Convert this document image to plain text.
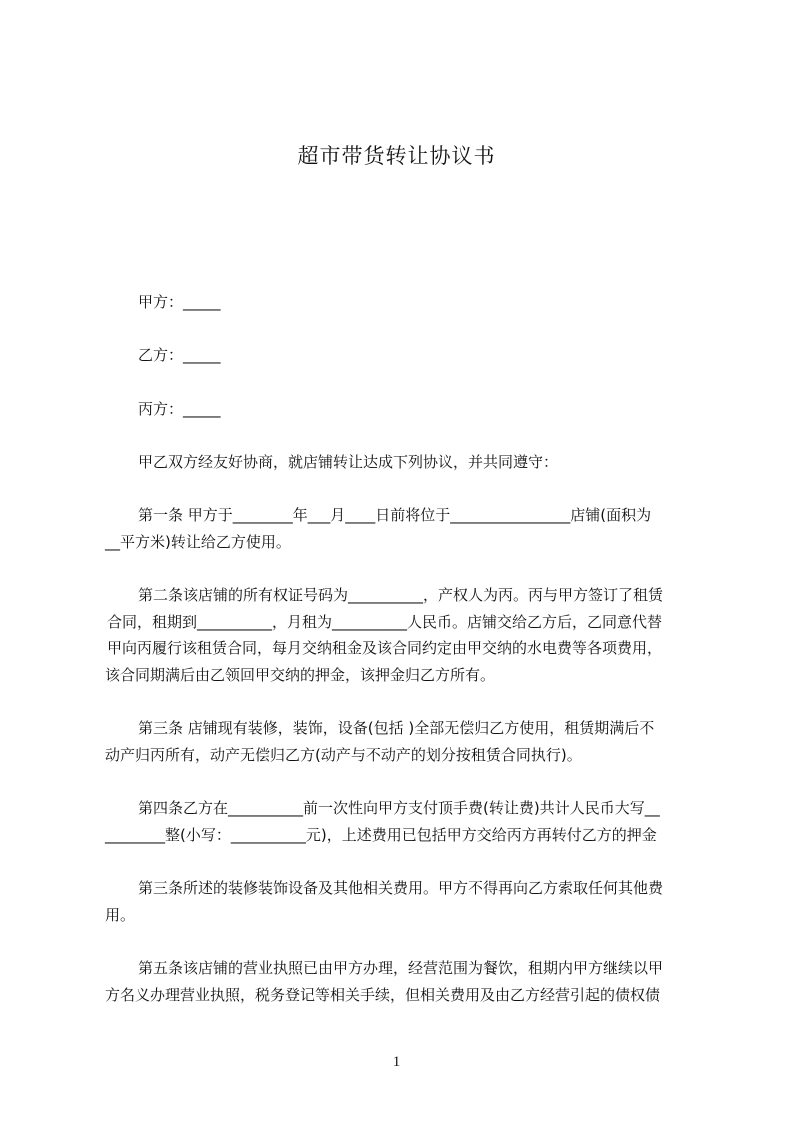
超市带货转让协议书
甲方：_____
乙方：_____
丙方：_____
甲乙双方经友好协商，就店铺转让达成下列协议，并共同遵守：
第一条 甲方于________年___月____日前将位于________________店铺(面积为
__平方米)转让给乙方使用。
第二条该店铺的所有权证号码为__________，产权人为丙。丙与甲方签订了租赁
合同，租期到__________，月租为__________人民币。店铺交给乙方后，乙同意代替
甲向丙履行该租赁合同，每月交纳租金及该合同约定由甲交纳的水电费等各项费用，
该合同期满后由乙领回甲交纳的押金，该押金归乙方所有。
第三条 店铺现有装修，装饰，设备(包括 )全部无偿归乙方使用，租赁期满后不
动产归丙所有，动产无偿归乙方(动产与不动产的划分按租赁合同执行)。
第四条乙方在__________前一次性向甲方支付顶手费(转让费)共计人民币大写__
________整(小写：__________元)，上述费用已包括甲方交给丙方再转付乙方的押金
第三条所述的装修装饰设备及其他相关费用。甲方不得再向乙方索取任何其他费
用。
第五条该店铺的营业执照已由甲方办理，经营范围为餐饮，租期内甲方继续以甲
方名义办理营业执照，税务登记等相关手续，但相关费用及由乙方经营引起的债权债
1
